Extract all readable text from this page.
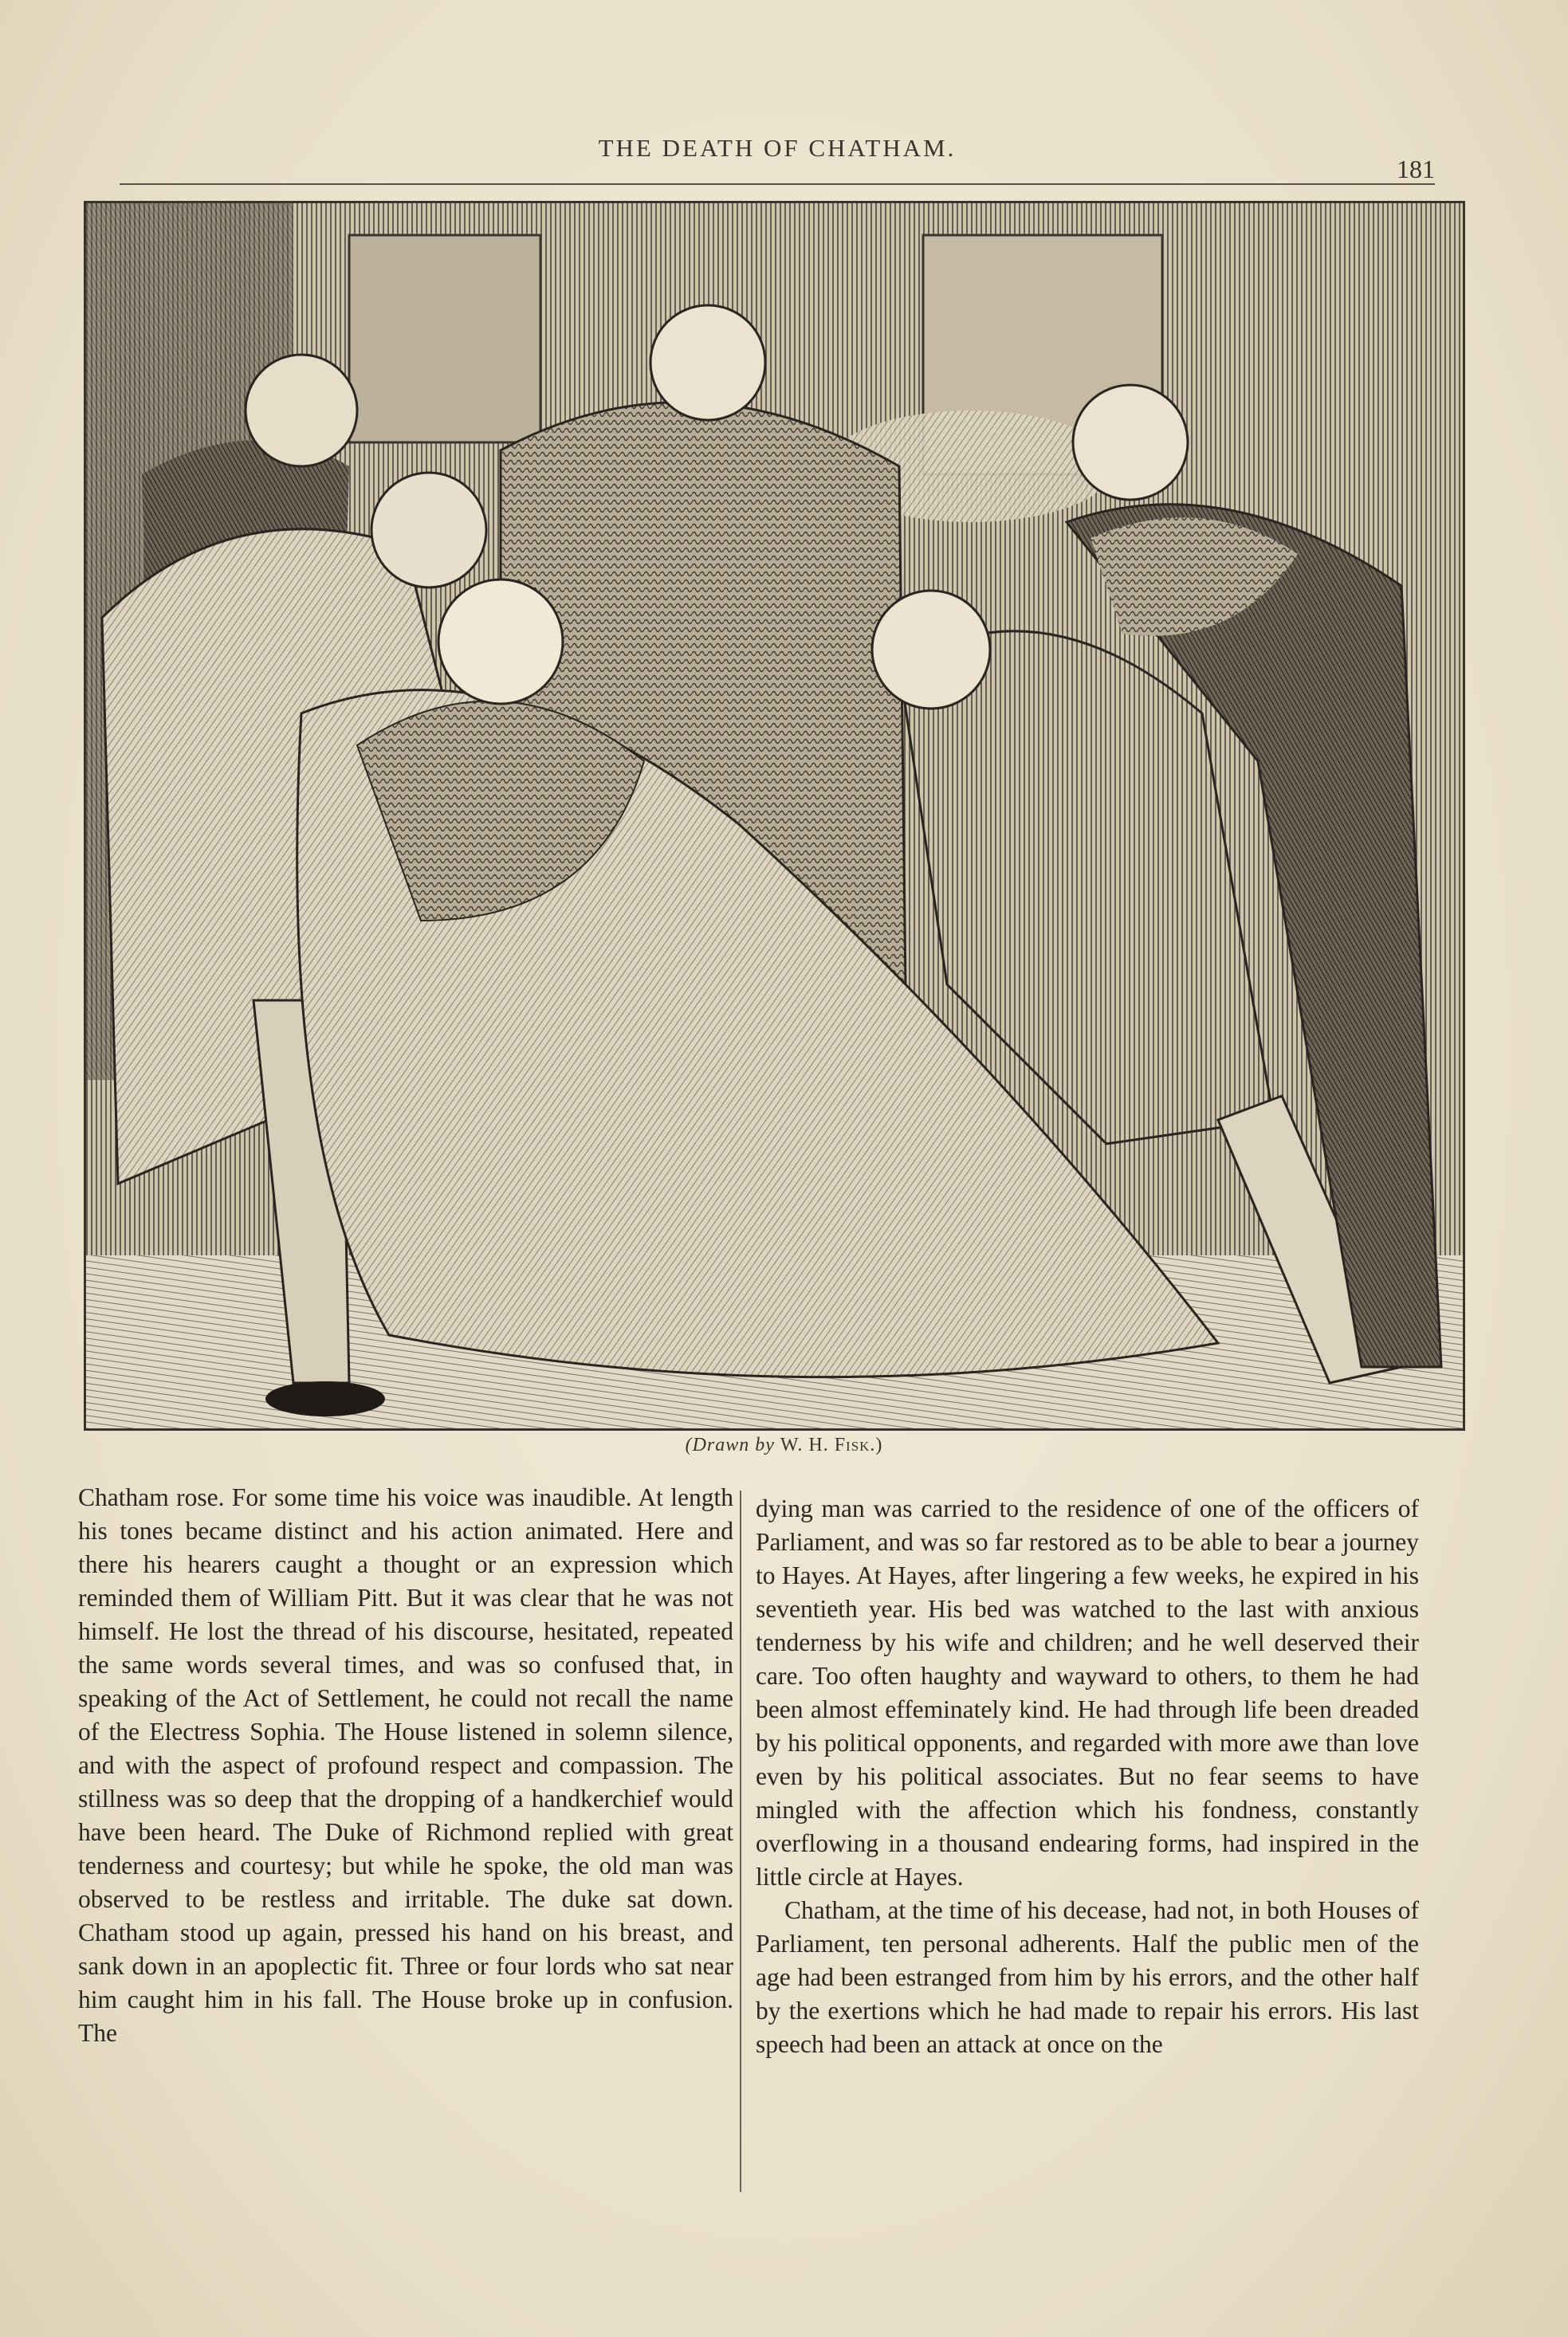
THE DEATH OF CHATHAM.
181
(Drawn by W. H. Fisk.)

Chatham rose. For some time his voice was inaudible. At length his tones became distinct and his action animated. Here and there his hearers caught a thought or an expression which reminded them of William Pitt. But it was clear that he was not himself. He lost the thread of his discourse, hesitated, repeated the same words several times, and was so confused that, in speaking of the Act of Settlement, he could not recall the name of the Electress Sophia. The House listened in solemn silence, and with the aspect of profound respect and compassion. The stillness was so deep that the dropping of a handkerchief would have been heard. The Duke of Richmond replied with great tenderness and courtesy; but while he spoke, the old man was observed to be restless and irritable. The duke sat down. Chatham stood up again, pressed his hand on his breast, and sank down in an apoplectic fit. Three or four lords who sat near him caught him in his fall. The House broke up in confusion. The

dying man was carried to the residence of one of the officers of Parliament, and was so far restored as to be able to bear a journey to Hayes. At Hayes, after lingering a few weeks, he expired in his seventieth year. His bed was watched to the last with anxious tenderness by his wife and children; and he well deserved their care. Too often haughty and wayward to others, to them he had been almost effeminately kind. He had through life been dreaded by his political opponents, and regarded with more awe than love even by his political associates. But no fear seems to have mingled with the affection which his fondness, constantly overflowing in a thousand endearing forms, had inspired in the little circle at Hayes.

Chatham, at the time of his decease, had not, in both Houses of Parliament, ten personal adherents. Half the public men of the age had been estranged from him by his errors, and the other half by the exertions which he had made to repair his errors. His last speech had been an attack at once on the
